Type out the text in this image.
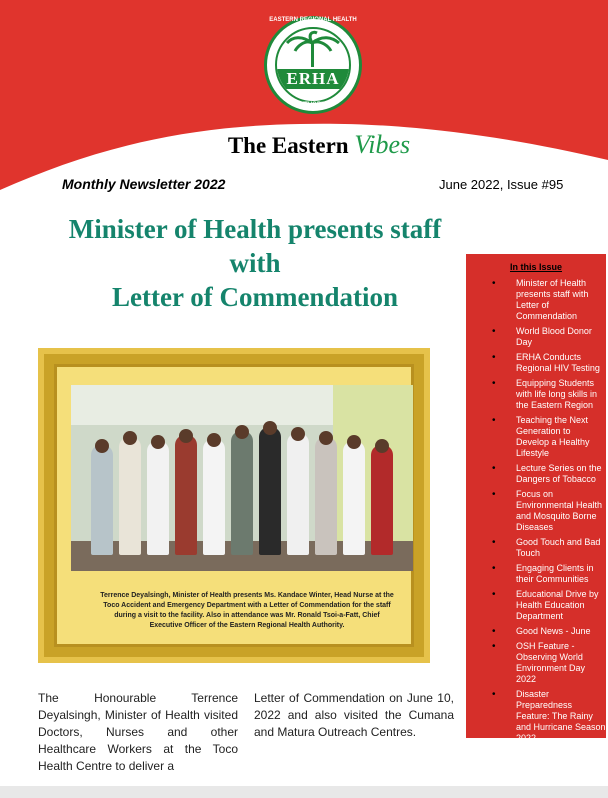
EASTERN REGIONAL HEALTH
ERHA
AUTHORITY
The Eastern Vibes
Monthly Newsletter 2022	June 2022, Issue #95
Minister of Health presents staff
with
Letter of Commendation
Terrence Deyalsingh, Minister of Health presents Ms. Kandace Winter, Head Nurse at the Toco Accident and Emergency Department with a Letter of Commendation for the staff during a visit to the facility. Also in attendance was Mr. Ronald Tsoi-a-Fatt, Chief Executive Officer of the Eastern Regional Health Authority.
The Honourable Terrence Deyalsingh, Minister of Health visited Doctors, Nurses and other Healthcare Workers at the Toco Health Centre to deliver a
Letter of Commendation on June 10, 2022 and also visited the Cumana and Matura Outreach Centres.
In this Issue
• Minister of Health presents staff with Letter of Commendation
• World Blood Donor Day
• ERHA Conducts Regional HIV Testing
• Equipping Students with life long skills in the Eastern Region
• Teaching the Next Generation to Develop a Healthy Lifestyle
• Lecture Series on the Dangers of Tobacco
• Focus on Environmental Health and Mosquito Borne Diseases
• Good Touch and Bad Touch
• Engaging Clients in their Communities
• Educational Drive by Health Education Department
• Good News - June
• OSH Feature - Observing World Environment Day 2022
• Disaster Preparedness Feature: The Rainy and Hurricane Season 2022
